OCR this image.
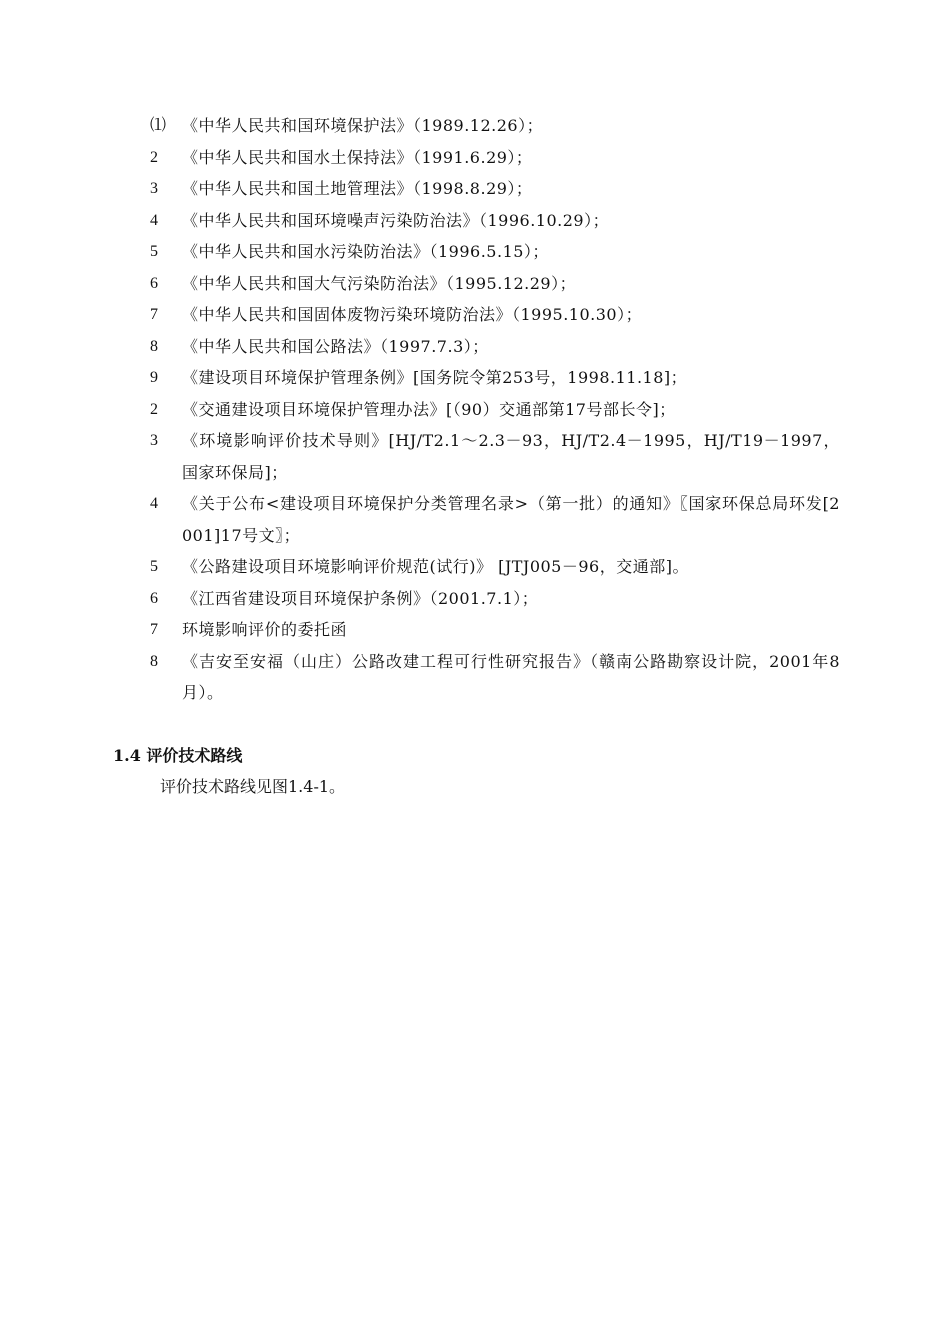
⑴ 《中华人民共和国环境保护法》（1989.12.26）；
2	《中华人民共和国水土保持法》（1991.6.29）；
3	《中华人民共和国土地管理法》（1998.8.29）；
4	《中华人民共和国环境噪声污染防治法》（1996.10.29）；
5	《中华人民共和国水污染防治法》（1996.5.15）；
6	《中华人民共和国大气污染防治法》（1995.12.29）；
7	《中华人民共和国固体废物污染环境防治法》（1995.10.30）；
8	《中华人民共和国公路法》（1997.7.3）；
9	《建设项目环境保护管理条例》[国务院令第253号，1998.11.18]；
2	《交通建设项目环境保护管理办法》[（90）交通部第17号部长令]；
3	《环境影响评价技术导则》[HJ/T2.1～2.3－93，HJ/T2.4－1995，HJ/T19－1997，国家环保局]；
4	《关于公布<建设项目环境保护分类管理名录>（第一批）的通知》〖国家环保总局环发[2001]17号文〗；
5	《公路建设项目环境影响评价规范(试行)》 [JTJ005－96，交通部]。
6	《江西省建设项目环境保护条例》（2001.7.1）；
7	环境影响评价的委托函
8	《吉安至安福（山庄）公路改建工程可行性研究报告》（赣南公路勘察设计院，2001年8月）。
1.4 评价技术路线

评价技术路线见图1.4-1。
